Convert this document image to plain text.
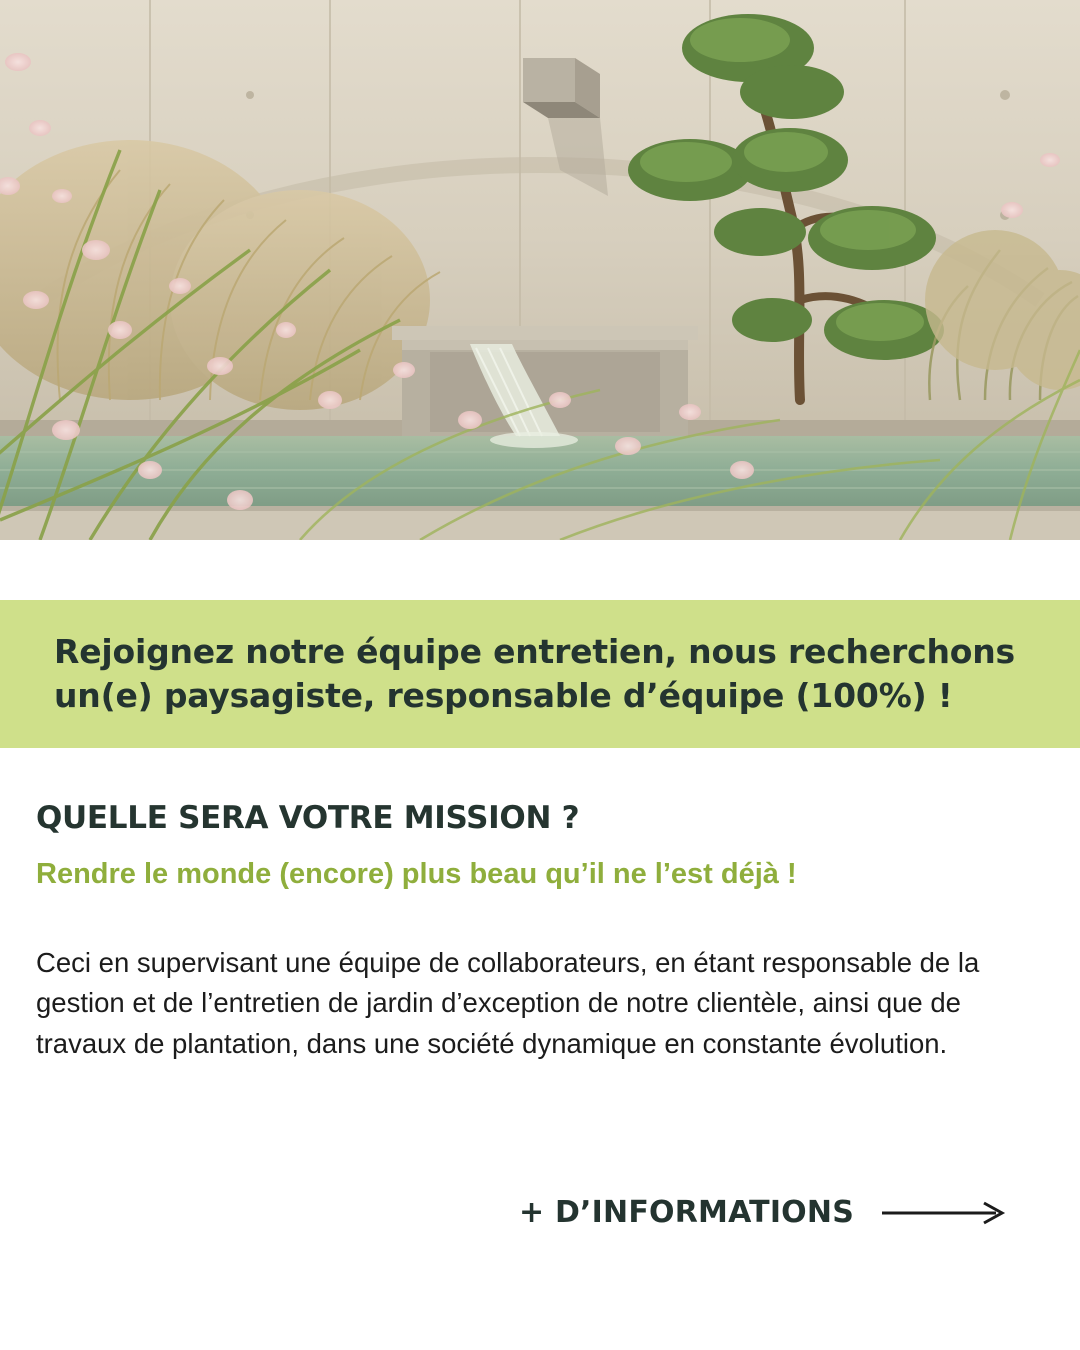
Rejoignez notre équipe entretien, nous recherchons un(e) paysagiste, responsable d’équipe (100%) !
QUELLE SERA VOTRE MISSION ?

Rendre le monde (encore) plus beau qu’il ne l’est déjà !

Ceci en supervisant une équipe de collaborateurs, en étant responsable de la gestion et de l’entretien de jardin d’exception de notre clientèle, ainsi que de travaux de plantation, dans une société dynamique en constante évolution.

+ D’INFORMATIONS
